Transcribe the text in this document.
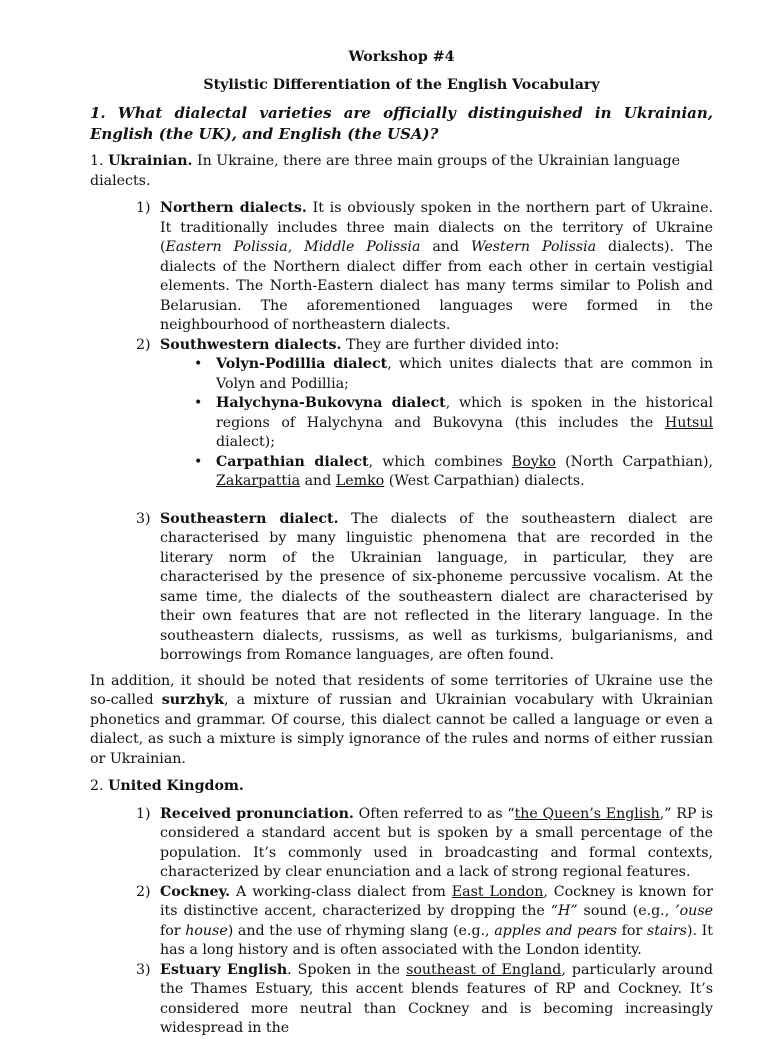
Workshop #4

Stylistic Differentiation of the English Vocabulary

1. What dialectal varieties are officially distinguished in Ukrainian, English (the UK), and English (the USA)?

1. Ukrainian. In Ukraine, there are three main groups of the Ukrainian language dialects.

1) Northern dialects. It is obviously spoken in the northern part of Ukraine. It traditionally includes three main dialects on the territory of Ukraine (Eastern Polissia, Middle Polissia and Western Polissia dialects). The dialects of the Northern dialect differ from each other in certain vestigial elements. The North-Eastern dialect has many terms similar to Polish and Belarusian. The aforementioned languages were formed in the neighbourhood of northeastern dialects.
2) Southwestern dialects. They are further divided into:
• Volyn-Podillia dialect, which unites dialects that are common in Volyn and Podillia;
• Halychyna-Bukovyna dialect, which is spoken in the historical regions of Halychyna and Bukovyna (this includes the Hutsul dialect);
• Carpathian dialect, which combines Boyko (North Carpathian), Zakarpattia and Lemko (West Carpathian) dialects.
3) Southeastern dialect. The dialects of the southeastern dialect are characterised by many linguistic phenomena that are recorded in the literary norm of the Ukrainian language, in particular, they are characterised by the presence of six-phoneme percussive vocalism. At the same time, the dialects of the southeastern dialect are characterised by their own features that are not reflected in the literary language. In the southeastern dialects, russisms, as well as turkisms, bulgarianisms, and borrowings from Romance languages, are often found.

In addition, it should be noted that residents of some territories of Ukraine use the so-called surzhyk, a mixture of russian and Ukrainian vocabulary with Ukrainian phonetics and grammar. Of course, this dialect cannot be called a language or even a dialect, as such a mixture is simply ignorance of the rules and norms of either russian or Ukrainian.

2. United Kingdom.

1) Received pronunciation. Often referred to as “the Queen’s English,” RP is considered a standard accent but is spoken by a small percentage of the population. It’s commonly used in broadcasting and formal contexts, characterized by clear enunciation and a lack of strong regional features.
2) Cockney. A working-class dialect from East London, Cockney is known for its distinctive accent, characterized by dropping the “H” sound (e.g., ’ouse for house) and the use of rhyming slang (e.g., apples and pears for stairs). It has a long history and is often associated with the London identity.
3) Estuary English. Spoken in the southeast of England, particularly around the Thames Estuary, this accent blends features of RP and Cockney. It’s considered more neutral than Cockney and is becoming increasingly widespread in the
